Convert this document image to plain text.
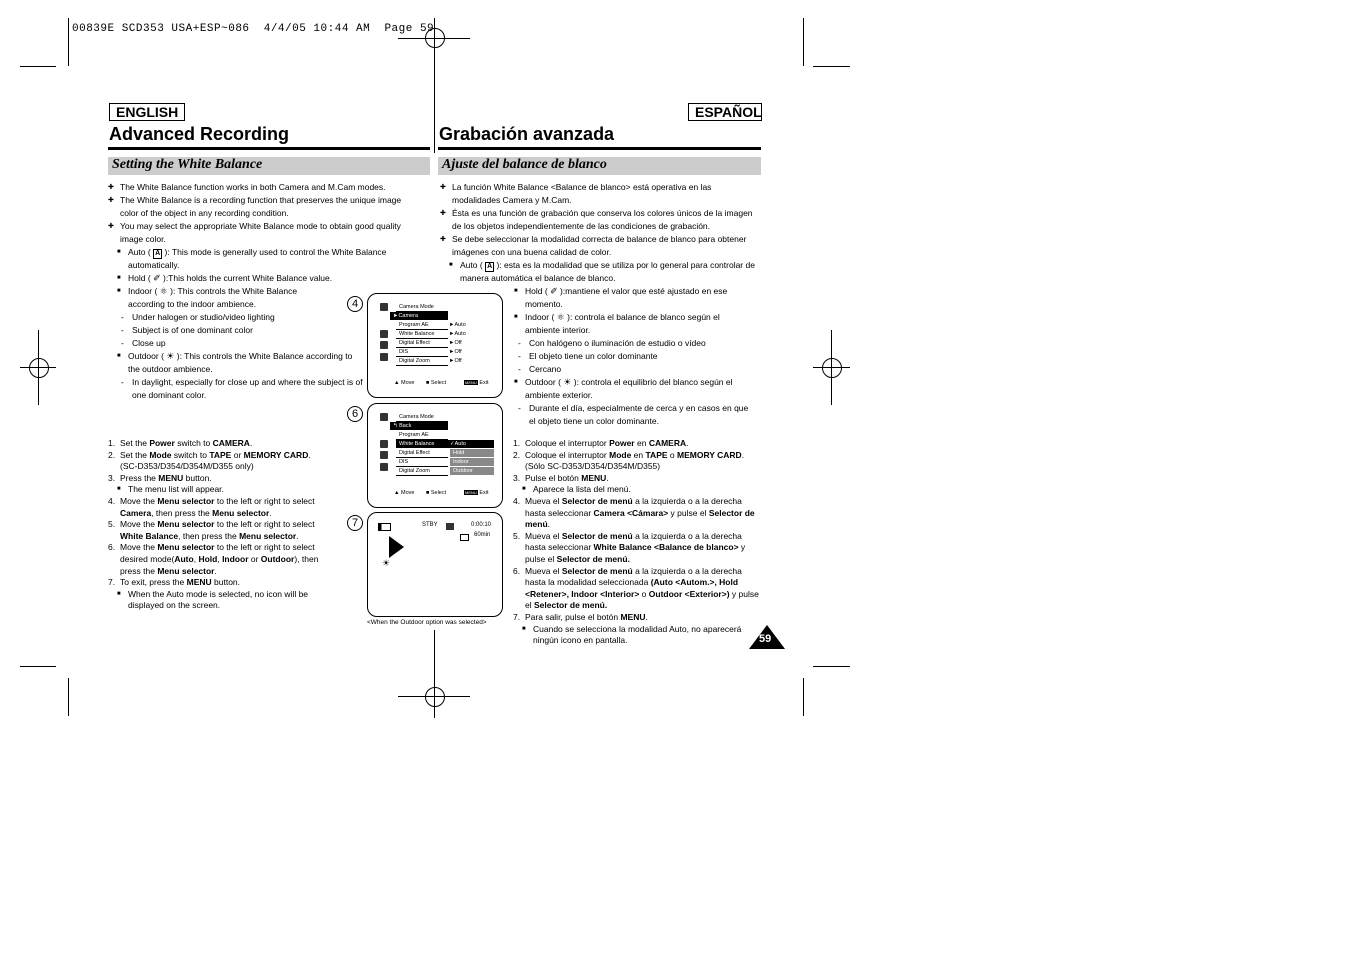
00839E SCD353 USA+ESP~086  4/4/05 10:44 AM  Page 59
ENGLISH
Advanced Recording
Setting the White Balance
ESPAÑOL
Grabación avanzada
Ajuste del balance de blanco

✚ The White Balance function works in both Camera and M.Cam modes.

✚ The White Balance is a recording function that preserves the unique image color of the object in any recording condition.

✚ You may select the appropriate White Balance mode to obtain good quality image color.

■ Auto ( A ): This mode is generally used to control the White Balance automatically.

■ Hold ( ✐ ):This holds the current White Balance value.

■ Indoor ( ⚛ ): This controls the White Balance according to the indoor ambience.

- Under halogen or studio/video lighting

- Subject is of one dominant color

- Close up

■ Outdoor ( ☀ ): This controls the White Balance according to the outdoor ambience.

- In daylight, especially for close up and where the subject is of one dominant color.

1. Set the Power switch to CAMERA.

2. Set the Mode switch to TAPE or MEMORY CARD.
(SC-D353/D354/D354M/D355 only)

3. Press the MENU button.

■ The menu list will appear.

4. Move the Menu selector to the left or right to select Camera, then press the Menu selector.

5. Move the Menu selector to the left or right to select White Balance, then press the Menu selector.

6. Move the Menu selector to the left or right to select desired mode(Auto, Hold, Indoor or Outdoor), then press the Menu selector.

7. To exit, press the MENU button.

■ When the Auto mode is selected, no icon will be displayed on the screen.

✚ La función White Balance <Balance de blanco> está operativa en las modalidades Camera y M.Cam.

✚ Ésta es una función de grabación que conserva los colores únicos de la imagen de los objetos independientemente de las condiciones de grabación.

✚ Se debe seleccionar la modalidad correcta de balance de blanco para obtener imágenes con una buena calidad de color.

■ Auto ( A ): esta es la modalidad que se utiliza por lo general para controlar de manera automática el balance de blanco.

■ Hold ( ✐ ):mantiene el valor que esté ajustado en ese momento.

■ Indoor ( ⚛ ): controla el balance de blanco según el ambiente interior.

- Con halógeno o iluminación de estudio o vídeo

- El objeto tiene un color dominante

- Cercano

■ Outdoor ( ☀ ): controla el equilibrio del blanco según el ambiente exterior.

- Durante el día, especialmente de cerca y en casos en que el objeto tiene un color dominante.

1. Coloque el interruptor Power en CAMERA.

2. Coloque el interruptor Mode en TAPE o MEMORY CARD. (Sólo SC-D353/D354/D354M/D355)

3. Pulse el botón MENU.

■ Aparece la lista del menú.

4. Mueva el Selector de menú a la izquierda o a la derecha hasta seleccionar Camera <Cámara> y pulse el Selector de menú.

5. Mueva el Selector de menú a la izquierda o a la derecha hasta seleccionar White Balance <Balance de blanco> y pulse el Selector de menú.

6. Mueva el Selector de menú a la izquierda o a la derecha hasta la modalidad seleccionada (Auto <Autom.>, Hold <Retener>, Indoor <Interior> o Outdoor <Exterior>) y pulse el Selector de menú.

7. Para salir, pulse el botón MENU.

■ Cuando se selecciona la modalidad Auto, no aparecerá ningún icono en pantalla.

4	Camera Mode
►Camera
Program AE
White Balance
Digital Effect
DIS
Digital Zoom
►Auto
►Auto
►Off
►Off
►Off
▲ Move ■ Select	MENU Exit
6	Camera Mode
↰ Back
Program AE
White Balance
Digital Effect
DIS
Digital Zoom
✓Auto
Hold
Indoor
Outdoor
▲ Move ■ Select	MENU Exit
7	STBY	0:00:10
60min
☀
<When the Outdoor option was selected>
59
